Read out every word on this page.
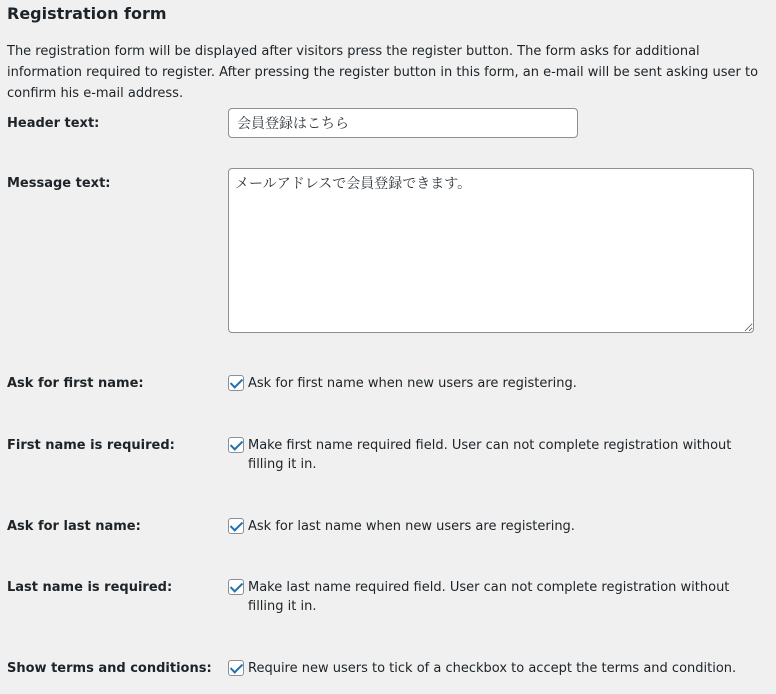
Registration form

The registration form will be displayed after visitors press the register button. The form asks for additional information required to register. After pressing the register button in this form, an e-mail will be sent asking user to confirm his e-mail address.

Header text:
会員登録はこちら
Message text:
メールアドレスで会員登録できます。
Ask for first name:	Ask for first name when new users are registering.
First name is required:	Make first name required field. User can not complete registration without filling it in.
Ask for last name:	Ask for last name when new users are registering.
Last name is required:	Make last name required field. User can not complete registration without filling it in.
Show terms and conditions:	Require new users to tick of a checkbox to accept the terms and condition.
